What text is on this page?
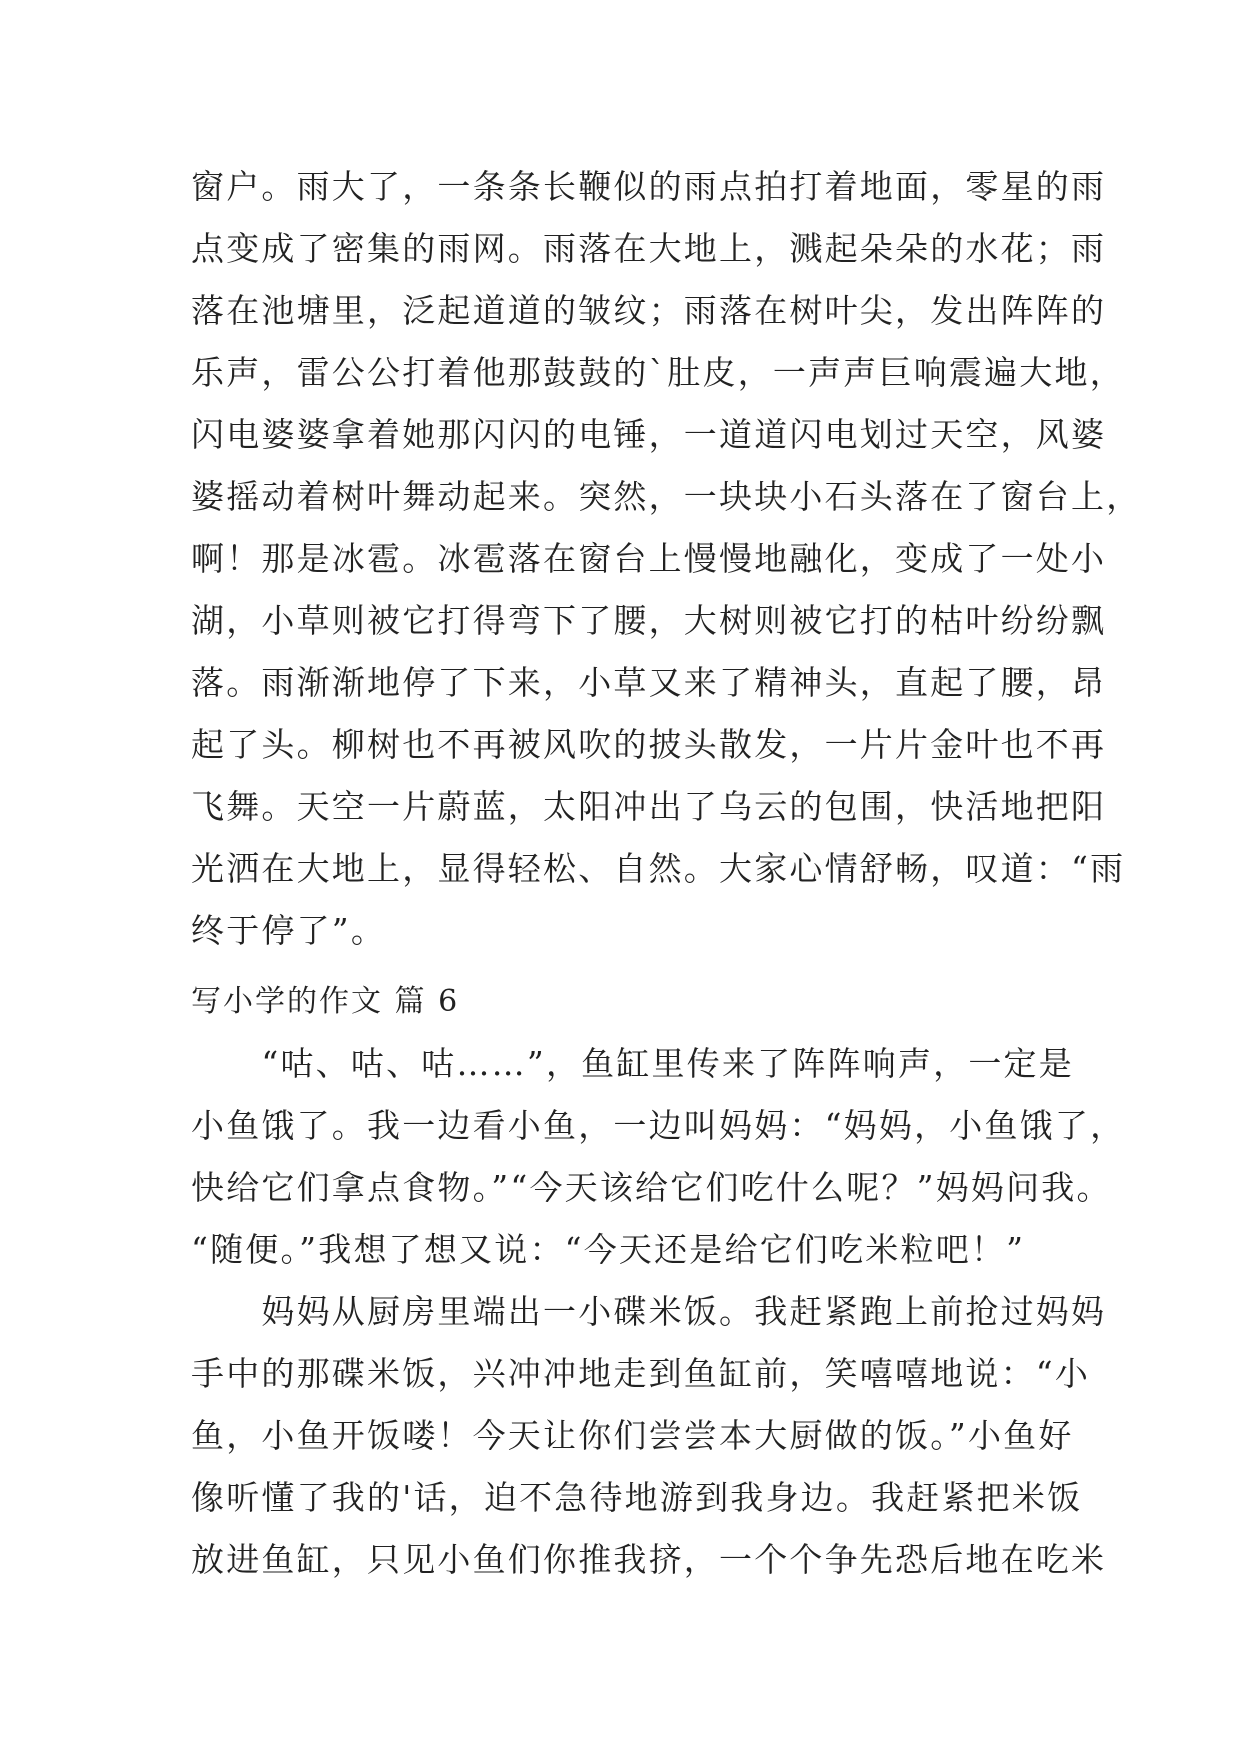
窗户。雨大了，一条条长鞭似的雨点拍打着地面，零星的雨
点变成了密集的雨网。雨落在大地上，溅起朵朵的水花；雨
落在池塘里，泛起道道的皱纹；雨落在树叶尖，发出阵阵的
乐声，雷公公打着他那鼓鼓的`肚皮，一声声巨响震遍大地，
闪电婆婆拿着她那闪闪的电锤，一道道闪电划过天空，风婆
婆摇动着树叶舞动起来。突然，一块块小石头落在了窗台上，
啊！那是冰雹。冰雹落在窗台上慢慢地融化，变成了一处小
湖，小草则被它打得弯下了腰，大树则被它打的枯叶纷纷飘
落。雨渐渐地停了下来，小草又来了精神头，直起了腰，昂
起了头。柳树也不再被风吹的披头散发，一片片金叶也不再
飞舞。天空一片蔚蓝，太阳冲出了乌云的包围，快活地把阳
光洒在大地上，显得轻松、自然。大家心情舒畅，叹道：“雨
终于停了”。
写小学的作文 篇 6
　　“咕、咕、咕……”，鱼缸里传来了阵阵响声，一定是
小鱼饿了。我一边看小鱼，一边叫妈妈：“妈妈，小鱼饿了，
快给它们拿点食物。”“今天该给它们吃什么呢？”妈妈问我。
“随便。”我想了想又说：“今天还是给它们吃米粒吧！”
　　妈妈从厨房里端出一小碟米饭。我赶紧跑上前抢过妈妈
手中的那碟米饭，兴冲冲地走到鱼缸前，笑嘻嘻地说：“小
鱼，小鱼开饭喽！今天让你们尝尝本大厨做的饭。”小鱼好
像听懂了我的'话，迫不急待地游到我身边。我赶紧把米饭
放进鱼缸，只见小鱼们你推我挤，一个个争先恐后地在吃米
